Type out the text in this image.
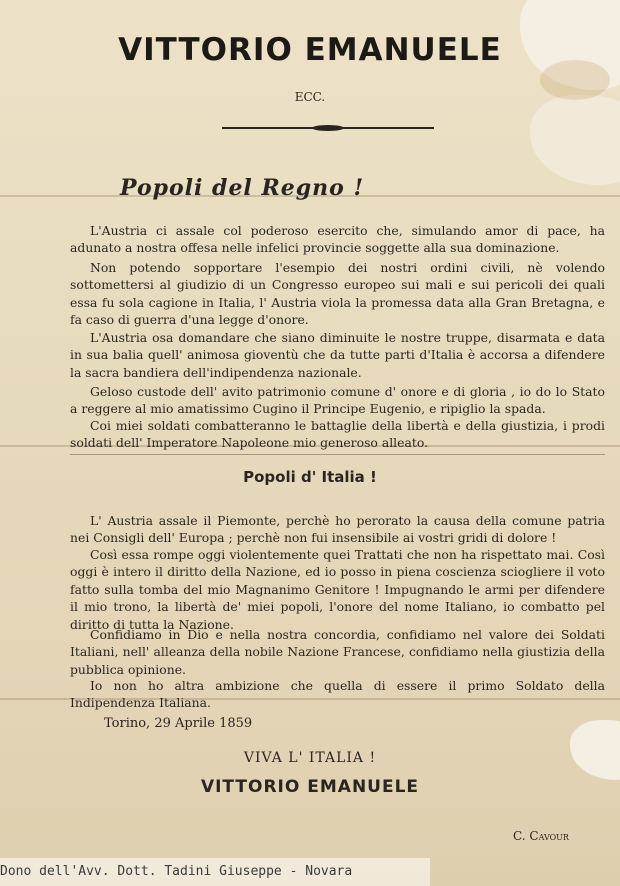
VITTORIO EMANUELE
ECC.
Popoli del Regno !
L'Austria ci assale col poderoso esercito che, simulando amor di pace, ha adunato a nostra offesa nelle infelici provincie soggette alla sua dominazione.
Non potendo sopportare l'esempio dei nostri ordini civili, nè volendo sottomettersi al giudizio di un Congresso europeo sui mali e sui pericoli dei quali essa fu sola cagione in Italia, l' Austria viola la promessa data alla Gran Bretagna, e fa caso di guerra d'una legge d'onore.
L'Austria osa domandare che siano diminuite le nostre truppe, disarmata e data in sua balia quell' animosa gioventù che da tutte parti d'Italia è accorsa a difendere la sacra bandiera dell'indipendenza nazionale.
Geloso custode dell' avito patrimonio comune d' onore e di gloria , io do lo Stato a reggere al mio amatissimo Cugino il Principe Eugenio, e ripiglio la spada.
Coi miei soldati combatteranno le battaglie della libertà e della giustizia, i prodi soldati dell' Imperatore Napoleone mio generoso alleato.
Popoli d' Italia !
L' Austria assale il Piemonte, perchè ho perorato la causa della comune patria nei Consigli dell' Europa ; perchè non fui insensibile ai vostri gridi di dolore !
Così essa rompe oggi violentemente quei Trattati che non ha rispettato mai. Così oggi è intero il diritto della Nazione, ed io posso in piena coscienza sciogliere il voto fatto sulla tomba del mio Magnanimo Genitore ! Impugnando le armi per difendere il mio trono, la libertà de' miei popoli, l'onore del nome Italiano, io combatto pel diritto di tutta la Nazione.
Confidiamo in Dio e nella nostra concordia, confidiamo nel valore dei Soldati Italiani, nell' alleanza della nobile Nazione Francese, confidiamo nella giustizia della pubblica opinione.
Io non ho altra ambizione che quella di essere il primo Soldato della Indipendenza Italiana.
Torino, 29 Aprile 1859
VIVA L' ITALIA !
VITTORIO EMANUELE
C. Cavour
Dono dell'Avv. Dott. Tadini Giuseppe - Novara
